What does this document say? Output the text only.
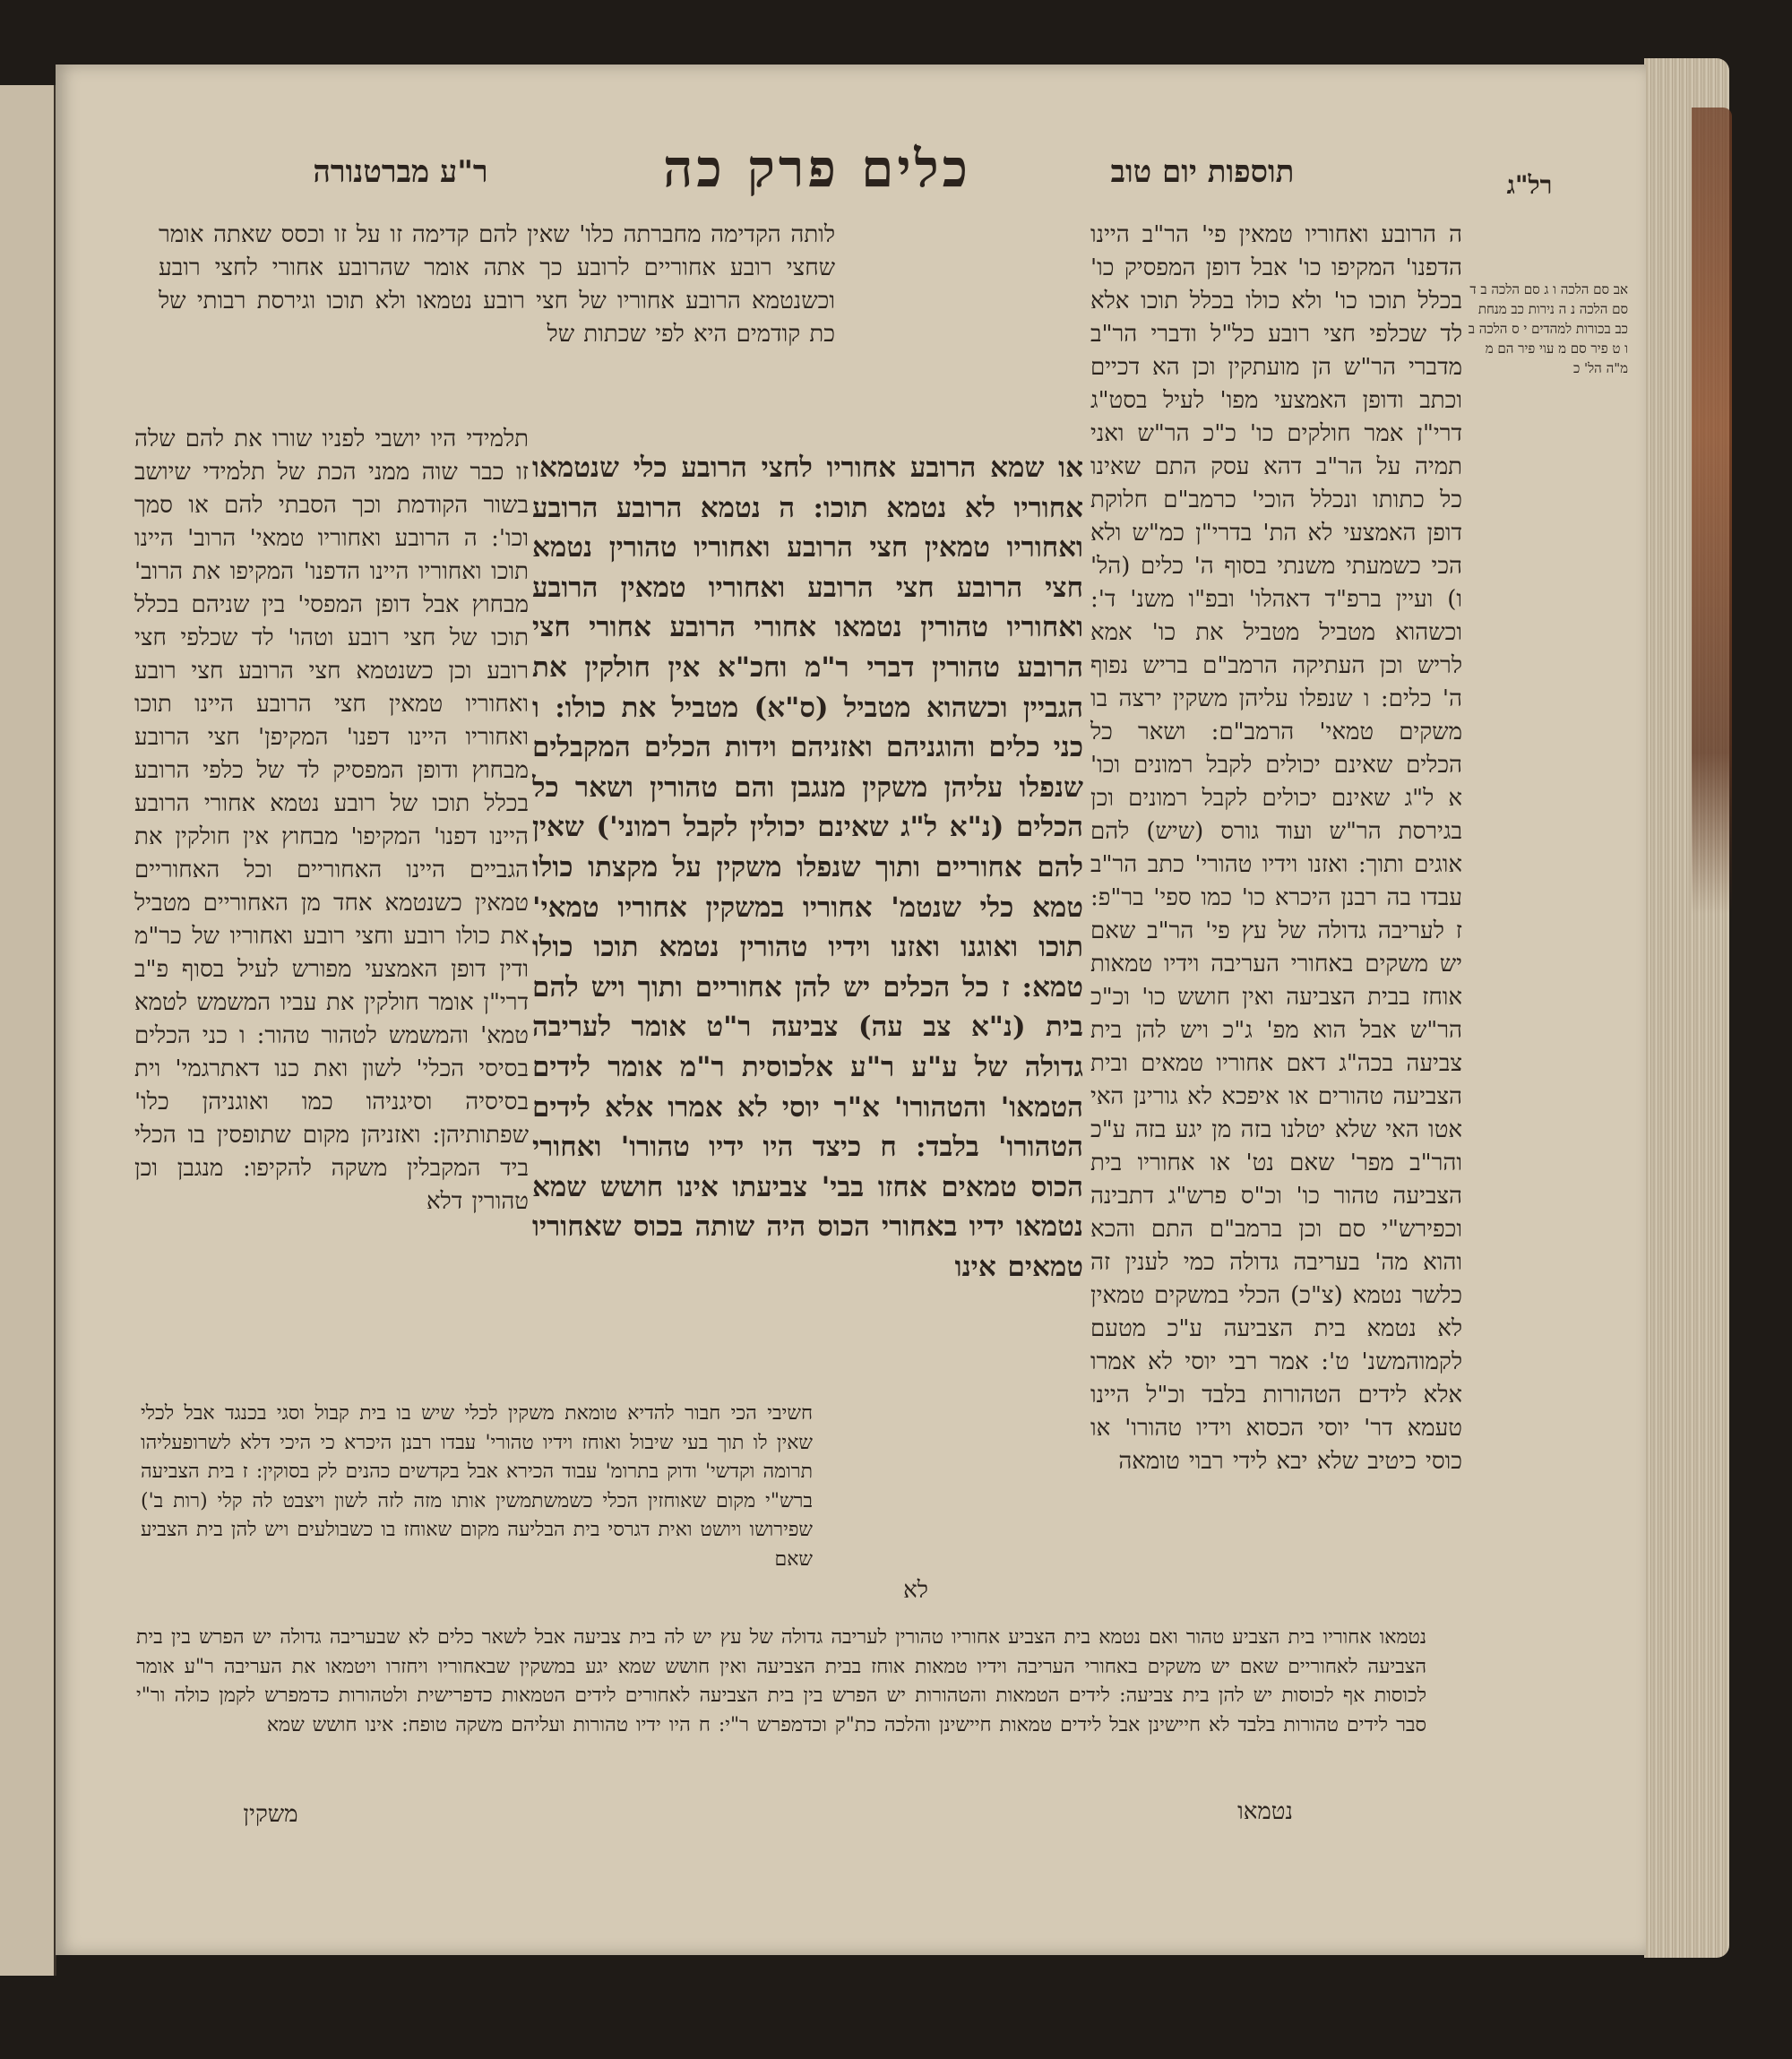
ר"ע מברטנורה	כלים פרק כה	תוספות יום טוב	רל"ג
אב סם הלכה ו ג סם הלכה ב ד סם הלכה נ ה נירות כב מנחת כב בכורות למהדים י ס הלכה ב ו ט פיר סם מ עוי פיר הם מ מ"ה הל' כ
לותה הקדימה מחברתה כלו' שאין להם קדימה זו על זו וכסס שאתה אומר שחצי רובע אחוריים לרובע כך אתה אומר שהרובע אחורי לחצי רובע וכשנטמא הרובע אחוריו של חצי רובע נטמאו ולא תוכו וגירסת רבותי של כת קודמים היא לפי שכתות של
תלמידי היו יושבי לפניו שורו את להם שלה זו כבר שוה ממני הכת של תלמידי שיושב בשור הקודמת וכך הסבתי להם או סמך וכו': ה הרובע ואחוריו טמאי' הרוב' היינו תוכו ואחוריו היינו הדפנו' המקיפו את הרוב' מבחוץ אבל דופן המפסי' בין שניהם בכלל תוכו של חצי רובע וטהו' לד שכלפי חצי רובע וכן כשנטמא חצי הרובע חצי רובע ואחוריו טמאין חצי הרובע היינו תוכו ואחוריו היינו דפנו' המקיפן' חצי הרובע מבחוץ ודופן המפסיק לד של כלפי הרובע בכלל תוכו של רובע נטמא אחורי הרובע היינו דפנו' המקיפו' מבחוץ אין חולקין את הגביים היינו האחוריים וכל האחוריים טמאין כשנטמא אחד מן האחוריים מטביל את כולו רובע וחצי רובע ואחוריו של כר"מ ודין דופן האמצעי מפורש לעיל בסוף פ"ב דרי"ן אומר חולקין את עביו המשמש לטמא טמא' והמשמש לטהור טהור: ו כני הכלים בסיסי הכלי' לשון ואת כנו דאתרגמי' וית בסיסיה וסיגניהו כמו ואוגניהן כלו' שפתותיהן: ואזניהן מקום שתופסין בו הכלי ביד המקבלין משקה להקיפו: מנגבן וכן טהורין דלא
או שמא הרובע אחוריו לחצי הרובע כלי שנטמאו אחוריו לא נטמא תוכו: ה נטמא הרובע הרובע ואחוריו טמאין חצי הרובע ואחוריו טהורין נטמא חצי הרובע חצי הרובע ואחוריו טמאין הרובע ואחוריו טהורין נטמאו אחורי הרובע אחורי חצי הרובע טהורין דברי ר"מ וחכ"א אין חולקין את הגביין וכשהוא מטביל (ס"א) מטביל את כולו: ו כני כלים והוגניהם ואזניהם וידות הכלים המקבלים שנפלו עליהן משקין מנגבן והם טהורין ושאר כל הכלים (נ"א ל"ג שאינם יכולין לקבל רמוני') שאין להם אחוריים ותוך שנפלו משקין על מקצתו כולו טמא כלי שנטמ' אחוריו במשקין אחוריו טמאי' תוכו ואוגנו ואזנו וידיו טהורין נטמא תוכו כולו טמא: ז כל הכלים יש להן אחוריים ותוך ויש להם בית (נ"א צב עה) צביעה ר"ט אומר לעריבה גדולה של ע"ע ר"ע אלכוסית ר"מ אומר לידים הטמאו' והטהורו' א"ר יוסי לא אמרו אלא לידים הטהורו' בלבד: ח כיצד היו ידיו טהורו' ואחורי הכוס טמאים אחזו בבי' צביעתו אינו חושש שמא נטמאו ידיו באחורי הכוס היה שותה בכוס שאחוריו טמאים אינו
ה הרובע ואחוריו טמאין פי' הר"ב היינו הדפנו' המקיפו כו' אבל דופן המפסיק כו' בכלל תוכו כו' ולא כולו בכלל תוכו אלא לד שכלפי חצי רובע כל"ל ודברי הר"ב מדברי הר"ש הן מועתקין וכן הא דכיים וכתב ודופן האמצעי מפו' לעיל בסט"ג דרי"ן אמר חולקים כו' כ"כ הר"ש ואני תמיה על הר"ב דהא עסק התם שאינו כל כתותו ונכלל הוכי' כרמב"ם חלוקת דופן האמצעי לא הת' בדרי"ן כמ"ש ולא הכי כשמעתי משנתי בסוף ה' כלים (הל' ו) ועיין ברפ"ד דאהלו' ובפ"ו משנ' ד': וכשהוא מטביל מטביל את כו' אמא לריש וכן העתיקה הרמב"ם בריש נפוף ה' כלים: ו שנפלו עליהן משקין ירצה בו משקים טמאי' הרמב"ם: ושאר כל הכלים שאינם יכולים לקבל רמונים וכו' א ל"ג שאינם יכולים לקבל רמונים וכן בגירסת הר"ש ועוד גורס (שיש) להם אוגים ותוך: ואזנו וידיו טהורי' כתב הר"ב עבדו בה רבנן היכרא כו' כמו ספי' בר"פ: ז לעריבה גדולה של עץ פי' הר"ב שאם יש משקים באחורי העריבה וידיו טמאות אוחז בבית הצביעה ואין חושש כו' וכ"כ הר"ש אבל הוא מפ' ג"כ ויש להן בית צביעה בכה"ג דאם אחוריו טמאים ובית הצביעה טהורים או איפכא לא גורינן האי אטו האי שלא יטלנו בזה מן יגע בזה ע"כ והר"ב מפר' שאם נט' או אחוריו בית הצביעה טהור כו' וכ"ס פרש"ג דתבינה וכפירש"י סם וכן ברמב"ם התם והכא והוא מה' בעריבה גדולה כמי לענין זה כלשר נטמא (צ"כ) הכלי במשקים טמאין לא נטמא בית הצביעה ע"כ מטעם לקמוהמשנ' ט': אמר רבי יוסי לא אמרו אלא לידים הטהורות בלבד וכ"ל היינו טעמא דר' יוסי הכסוא וידיו טהורו' או כוסי כיטיב שלא יבא לידי רבוי טומאה
חשיבי הכי חבור להדיא טומאת משקין לכלי שיש בו בית קבול וסגי בכנגד אבל לכלי שאין לו תוך בעי שיבול ואוחז וידיו טהורי' עבדו רבנן היכרא כי היכי דלא לשרופעליהו תרומה וקדשי' ודוק בתרומ' עבוד הכירא אבל בקדשים כהנים לק בסוקין: ז בית הצביעה ברש"י מקום שאוחזין הכלי כשמשתמשין אותו מזה לזה לשון ויצבט לה קלי (רות ב') שפירושו ויושט ואית דגרסי בית הבליעה מקום שאוחז בו כשבולעים ויש להן בית הצביע שאם
נטמאו אחוריו בית הצביע טהור ואם נטמא בית הצביע אחוריו טהורין לעריבה גדולה של עץ יש לה בית צביעה אבל לשאר כלים לא שבעריבה גדולה יש הפרש בין בית הצביעה לאחוריים שאם יש משקים באחורי העריבה וידיו טמאות אוחז בבית הצביעה ואין חושש שמא יגע במשקין שבאחוריו ויחזרו ויטמאו את העריבה ר"ע אומר לכוסות אף לכוסות יש להן בית צביעה: לידים הטמאות והטהורות יש הפרש בין בית הצביעה לאחורים לידים הטמאות כדפרישית ולטהורות כדמפרש לקמן כולה ור"י סבר לידים טהורות בלבד לא חיישינן אבל לידים טמאות חיישינן והלכה כת"ק וכדמפרש ר"י: ח היו ידיו טהורות ועליהם משקה טופח: אינו חושש שמא
לא
נטמאו
משקין
